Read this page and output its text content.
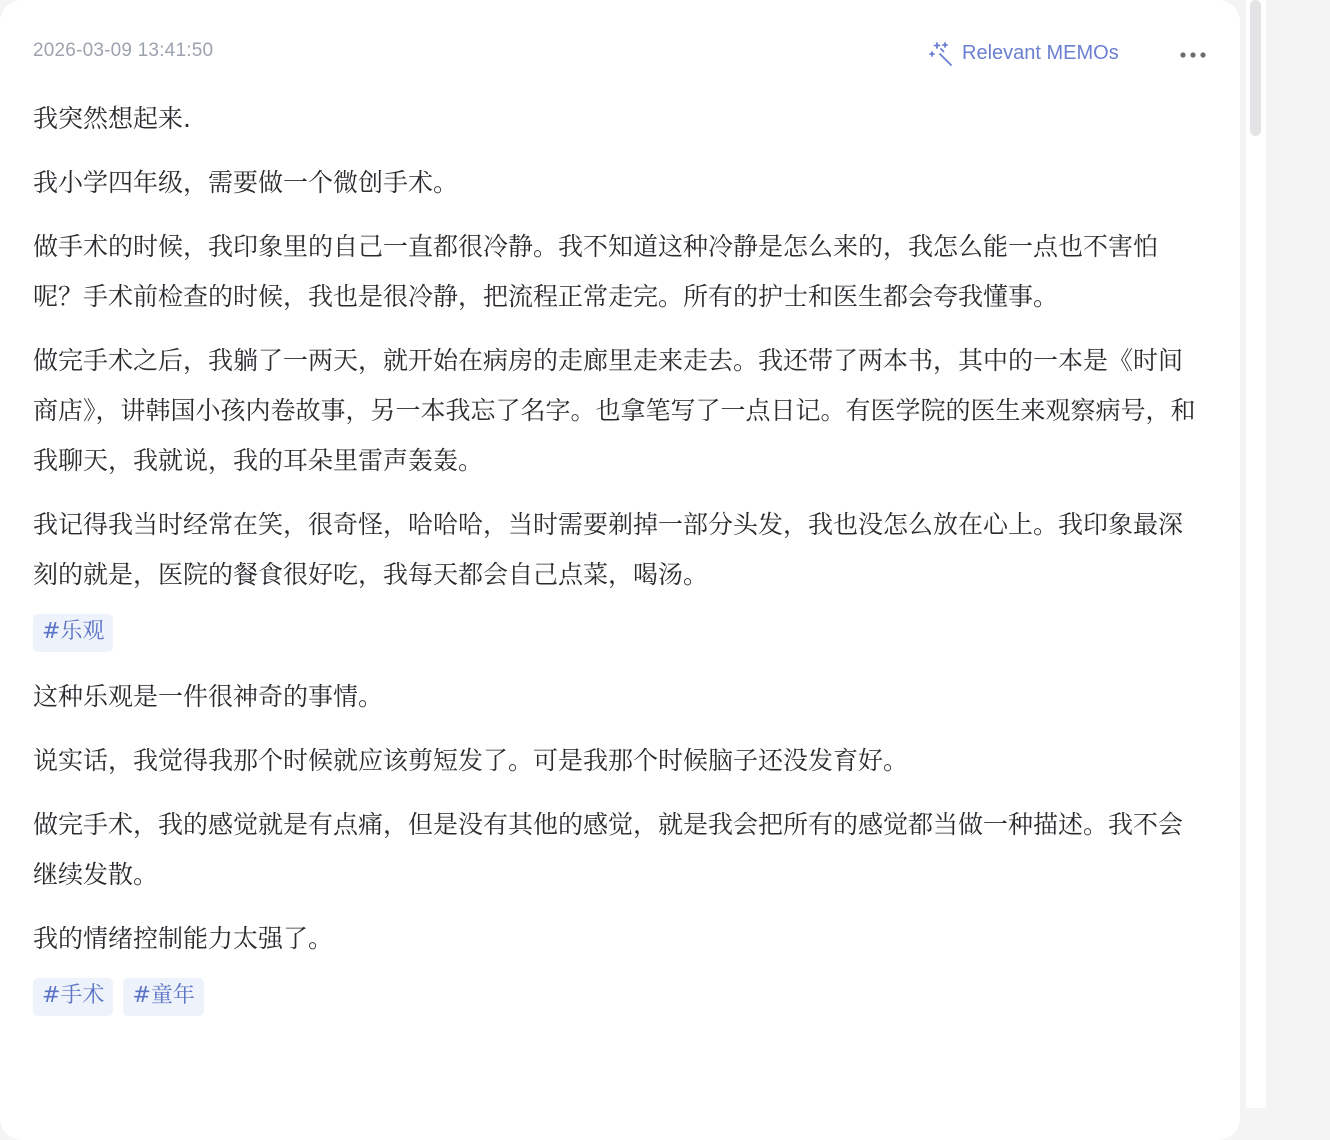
2026-03-09 13:41:50	Relevant MEMOs

我突然想起来.

我小学四年级，需要做一个微创手术。

做手术的时候，我印象里的自己一直都很冷静。我不知道这种冷静是怎么来的，我怎么能一点也不害怕呢？手术前检查的时候，我也是很冷静，把流程正常走完。所有的护士和医生都会夸我懂事。

做完手术之后，我躺了一两天，就开始在病房的走廊里走来走去。我还带了两本书，其中的一本是《时间商店》，讲韩国小孩内卷故事，另一本我忘了名字。也拿笔写了一点日记。有医学院的医生来观察病号，和我聊天，我就说，我的耳朵里雷声轰轰。

我记得我当时经常在笑，很奇怪，哈哈哈，当时需要剃掉一部分头发，我也没怎么放在心上。我印象最深刻的就是，医院的餐食很好吃，我每天都会自己点菜，喝汤。

#乐观

这种乐观是一件很神奇的事情。

说实话，我觉得我那个时候就应该剪短发了。可是我那个时候脑子还没发育好。

做完手术，我的感觉就是有点痛，但是没有其他的感觉，就是我会把所有的感觉都当做一种描述。我不会继续发散。

我的情绪控制能力太强了。

#手术	#童年
